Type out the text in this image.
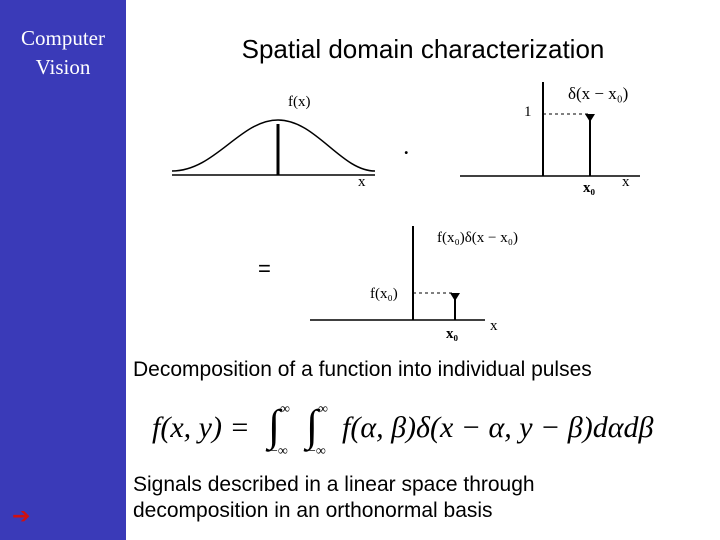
Computer
Vision
➔
Spatial domain characterization
f(x)
1
δ(x − x₀)
x
.
x₀ x
f(x₀)δ(x − x₀)
=
f(x₀)
x₀ x
Decomposition of a function into individual pulses
f(x, y) = ∫ ∞
−∞
∫ ∞
−∞
f(α, β)δ(x − α, y − β)dαdβ
Signals described in a linear space through
decomposition in an orthonormal basis
